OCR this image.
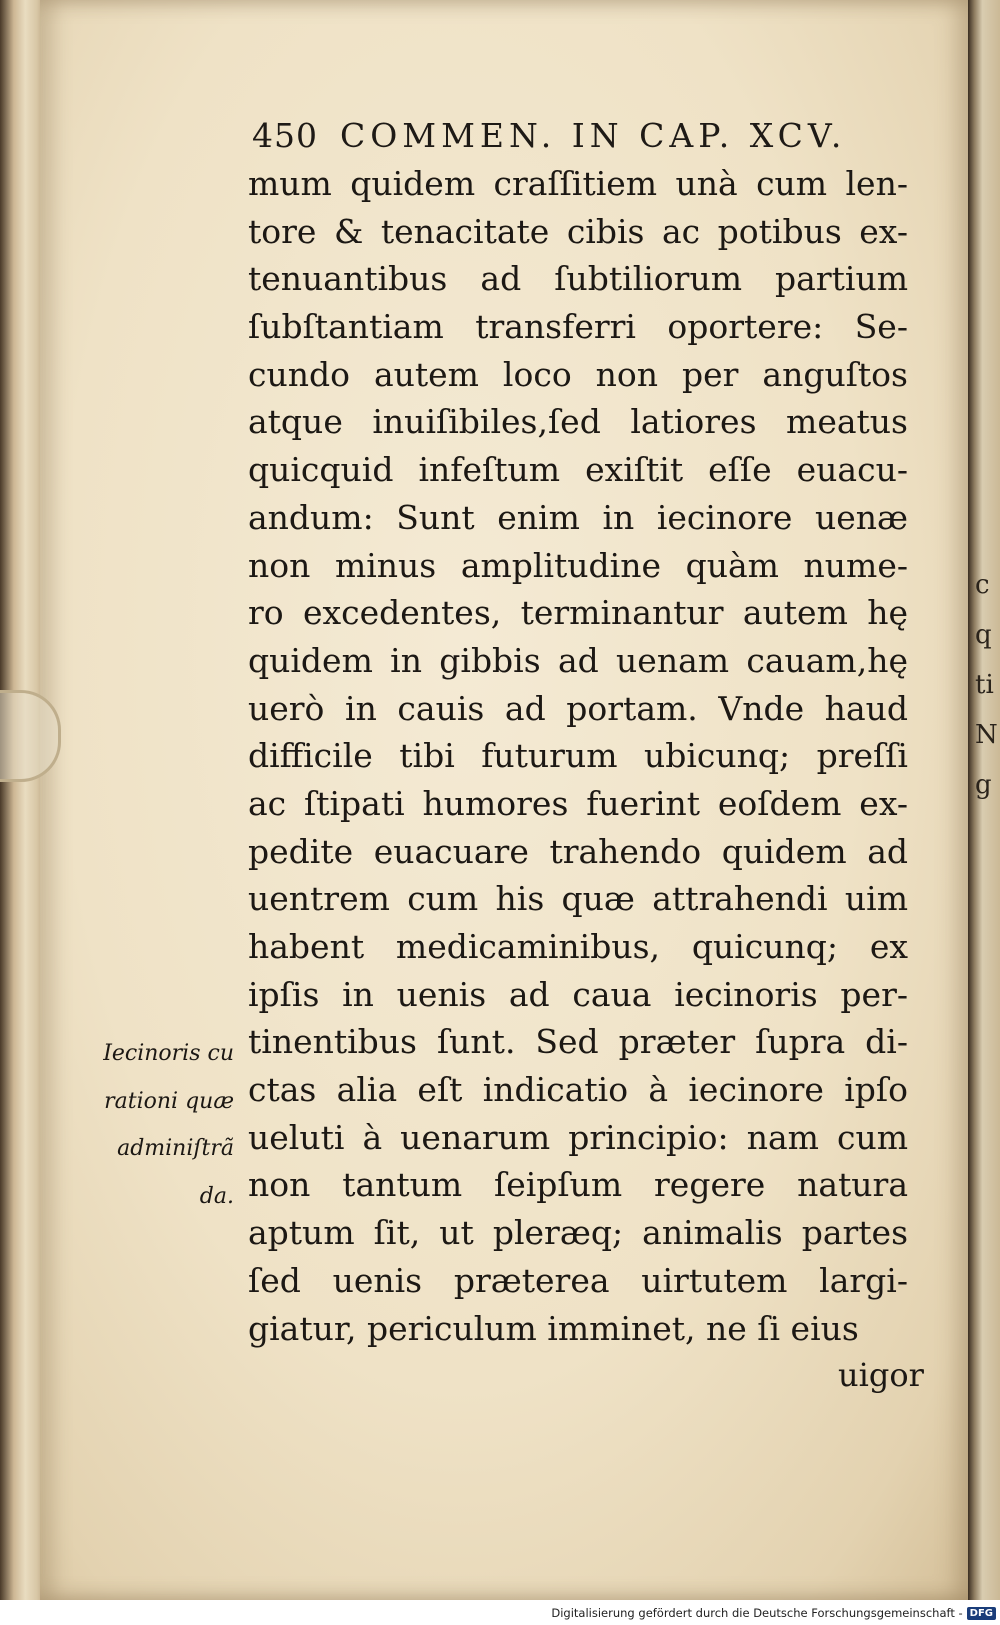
c
q
ti
N
g
450 COMMEN. IN CAP. XCV.
mum quidem craſſitiem unà cum len-
tore & tenacitate cibis ac potibus ex-
tenuantibus ad ſubtiliorum partium
ſubſtantiam transferri oportere: Se-
cundo autem loco non per anguſtos
atque inuiſibiles,ſed latiores meatus
quicquid infeſtum exiſtit eſſe euacu-
andum: Sunt enim in iecinore uenæ
non minus amplitudine quàm nume-
ro excedentes, terminantur autem hę
quidem in gibbis ad uenam cauam,hę
uerò in cauis ad portam. Vnde haud
difficile tibi futurum ubicunq; preſſi
ac ſtipati humores fuerint eoſdem ex-
pedite euacuare trahendo quidem ad
uentrem cum his quæ attrahendi uim
habent medicaminibus, quicunq; ex
ipſis in uenis ad caua iecinoris per-
tinentibus ſunt. Sed præter ſupra di-
ctas alia eſt indicatio à iecinore ipſo
ueluti à uenarum principio: nam cum
non tantum ſeipſum regere natura
aptum ſit, ut pleræq; animalis partes
ſed uenis præterea uirtutem largi-
giatur, periculum imminet, ne ſi eius
Iecinoris cu
rationi quæ
adminiſtrã
da.
uigor
Digitalisierung gefördert durch die Deutsche Forschungsgemeinschaft - DFG
